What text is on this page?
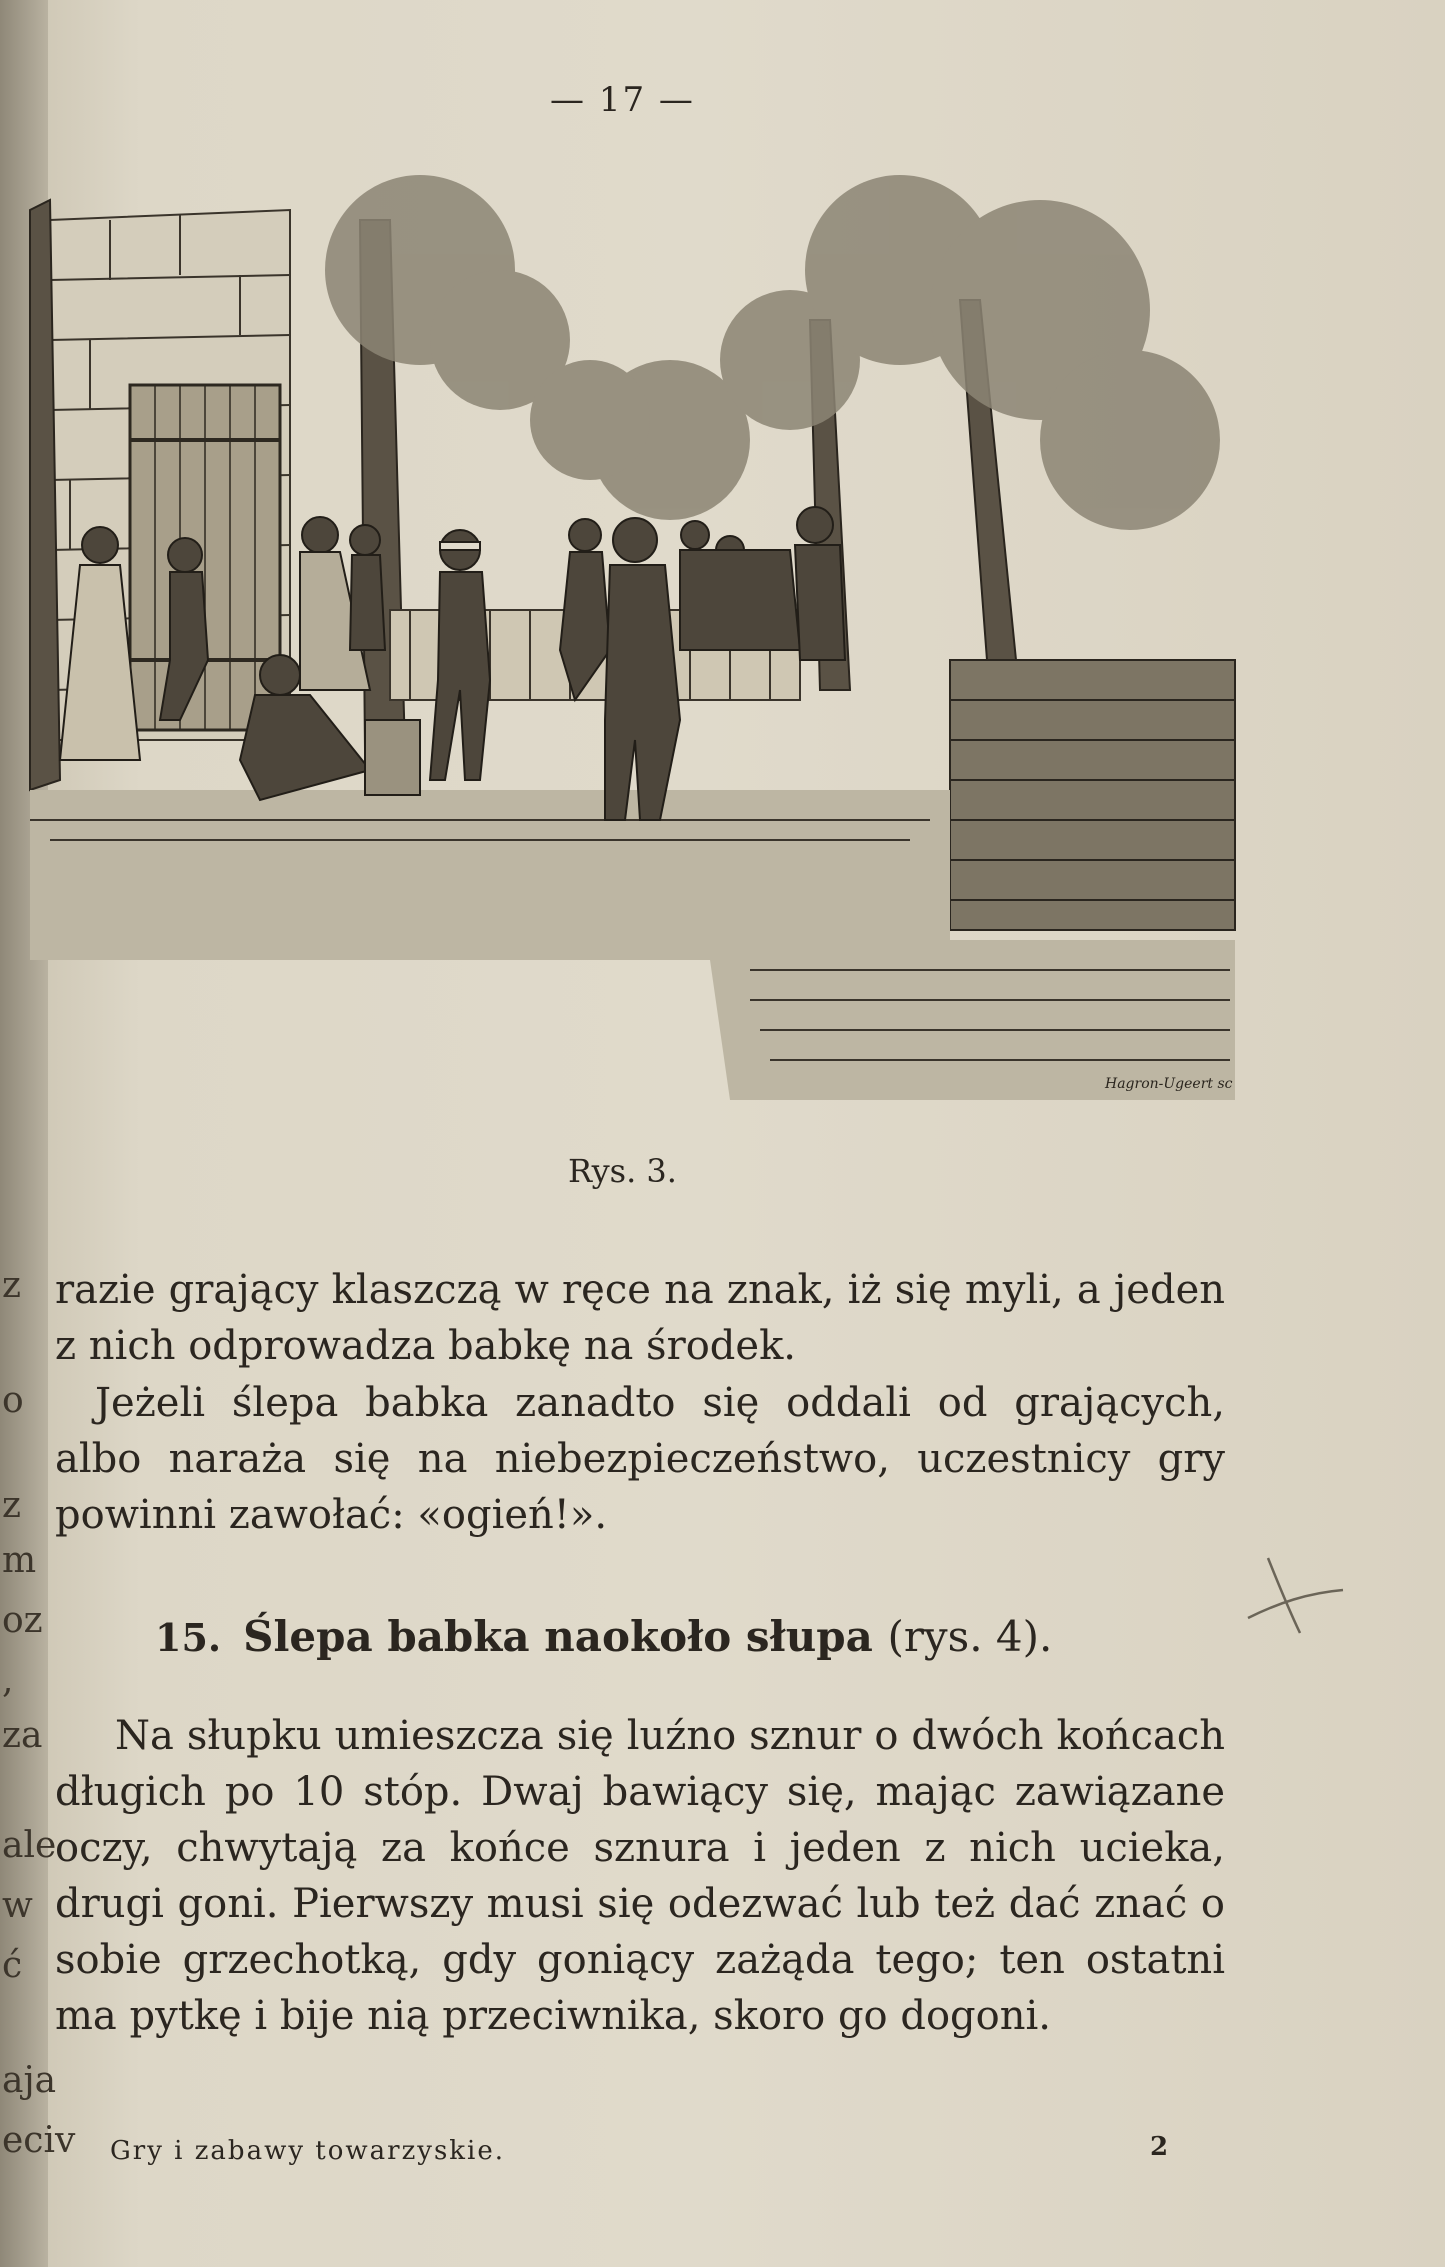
z
o
z
m
oz
,
za
ale
w
ć
aja
eciv
— 17 —
Hagron-Ugeert sc
Rys. 3.

razie grający klaszczą w ręce na znak, iż się myli, a jeden z nich odprowadza babkę na środek.

Jeżeli ślepa babka zanadto się oddali od grających, albo naraża się na niebezpieczeństwo, uczestnicy gry powinni zawołać: «ogień!».

15. Ślepa babka naokoło słupa (rys. 4).

Na słupku umieszcza się luźno sznur o dwóch końcach długich po 10 stóp. Dwaj bawiący się, mając zawiązane oczy, chwytają za końce sznura i jeden z nich ucieka, drugi goni. Pierwszy musi się odezwać lub też dać znać o sobie grzechotką, gdy goniący zażąda tego; ten ostatni ma pytkę i bije nią przeciwnika, skoro go dogoni.

Gry i zabawy towarzyskie.	2
